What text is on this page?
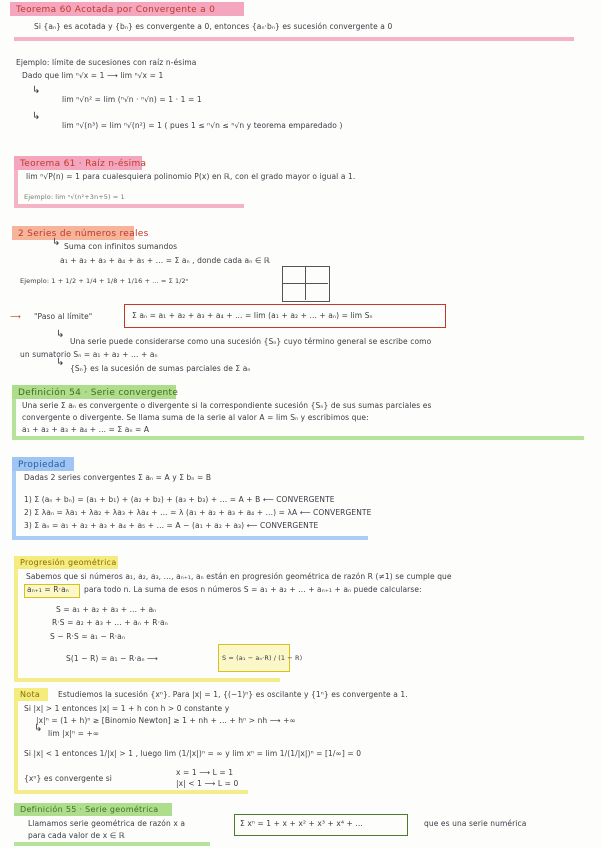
Teorema 60 Acotada por Convergente a 0
Si {aₙ} es acotada y {bₙ} es convergente a 0, entonces {aₙ·bₙ} es sucesión convergente a 0
Ejemplo: límite de sucesiones con raíz n-ésima
Dado que lim ⁿ√x = 1 ⟶ lim ⁿ√x = 1
↳
lim ⁿ√n² = lim (ⁿ√n · ⁿ√n) = 1 · 1 = 1
↳
lim ⁿ√(n³) = lim ⁿ√(n²) = 1 ( pues 1 ≤ ⁿ√n ≤ ⁿ√n y teorema emparedado )
Teorema 61 · Raíz n-ésima
lim ⁿ√P(n) = 1 para cualesquiera polinomio P(x) en ℝ, con el grado mayor o igual a 1.
Ejemplo: lim ⁿ√(n²+3n+5) = 1
2 Series de números reales
↳ Suma con infinitos sumandos
a₁ + a₂ + a₃ + a₄ + a₅ + ... = Σ aₙ , donde cada aₙ ∈ ℝ
Ejemplo: 1 + 1/2 + 1/4 + 1/8 + 1/16 + ... = Σ 1/2ⁿ
⟶ "Paso al límite"	Σ aₙ = a₁ + a₂ + a₃ + a₄ + ... = lim (a₁ + a₂ + ... + aₙ) = lim Sₙ
↳
Una serie puede considerarse como una sucesión {Sₙ} cuyo término general se escribe como
un sumatorio Sₙ = a₁ + a₂ + ... + aₙ
↳
{Sₙ} es la sucesión de sumas parciales de Σ aₙ
Definición 54 · Serie convergente
Una serie Σ aₙ es convergente o divergente si la correspondiente sucesión {Sₙ} de sus sumas parciales es
convergente o divergente. Se llama suma de la serie al valor A = lim Sₙ y escribimos que:
a₁ + a₂ + a₃ + a₄ + ... = Σ aₙ = A
Propiedad
Dadas 2 series convergentes Σ aₙ = A y Σ bₙ = B
1) Σ (aₙ + bₙ) = (a₁ + b₁) + (a₂ + b₂) + (a₃ + b₃) + ... = A + B ⟵ CONVERGENTE
2) Σ λaₙ = λa₁ + λa₂ + λa₃ + λa₄ + ... = λ (a₁ + a₂ + a₃ + a₄ + ...) = λA ⟵ CONVERGENTE
3) Σ aₙ = a₁ + a₂ + a₃ + a₄ + a₅ + ... = A − (a₁ + a₂ + a₃) ⟵ CONVERGENTE
Progresión geométrica
Sabemos que si números a₁, a₂, a₃, ..., aₙ₊₁, aₙ están en progresión geométrica de razón R (≠1) se cumple que
aₙ₊₁ = R·aₙ para todo n. La suma de esos n números S = a₁ + a₂ + ... + aₙ₊₁ + aₙ puede calcularse:
S = a₁ + a₂ + a₃ + ... + aₙ
R·S = a₂ + a₃ + ... + aₙ + R·aₙ
S − R·S = a₁ − R·aₙ
S(1 − R) = a₁ − R·aₙ ⟶	S = (a₁ − aₙ·R) / (1 − R)
Nota	Estudiemos la sucesión {xⁿ}. Para |x| = 1, {(−1)ⁿ} es oscilante y {1ⁿ} es convergente a 1.
Si |x| > 1 entonces |x| = 1 + h con h > 0 constante y
|x|ⁿ = (1 + h)ⁿ ≥ [Binomio Newton] ≥ 1 + nh + ... + hⁿ > nh ⟶ +∞
↳ lim |x|ⁿ = +∞
Si |x| < 1 entonces 1/|x| > 1 , luego lim (1/|x|)ⁿ = ∞ y lim xⁿ = lim 1/(1/|x|)ⁿ = [1/∞] = 0
{xⁿ} es convergente si
x = 1 ⟶ L = 1
|x| < 1 ⟶ L = 0
Definición 55 · Serie geométrica
Llamamos serie geométrica de razón x a	Σ xⁿ = 1 + x + x² + x³ + x⁴ + ...	que es una serie numérica
para cada valor de x ∈ ℝ
